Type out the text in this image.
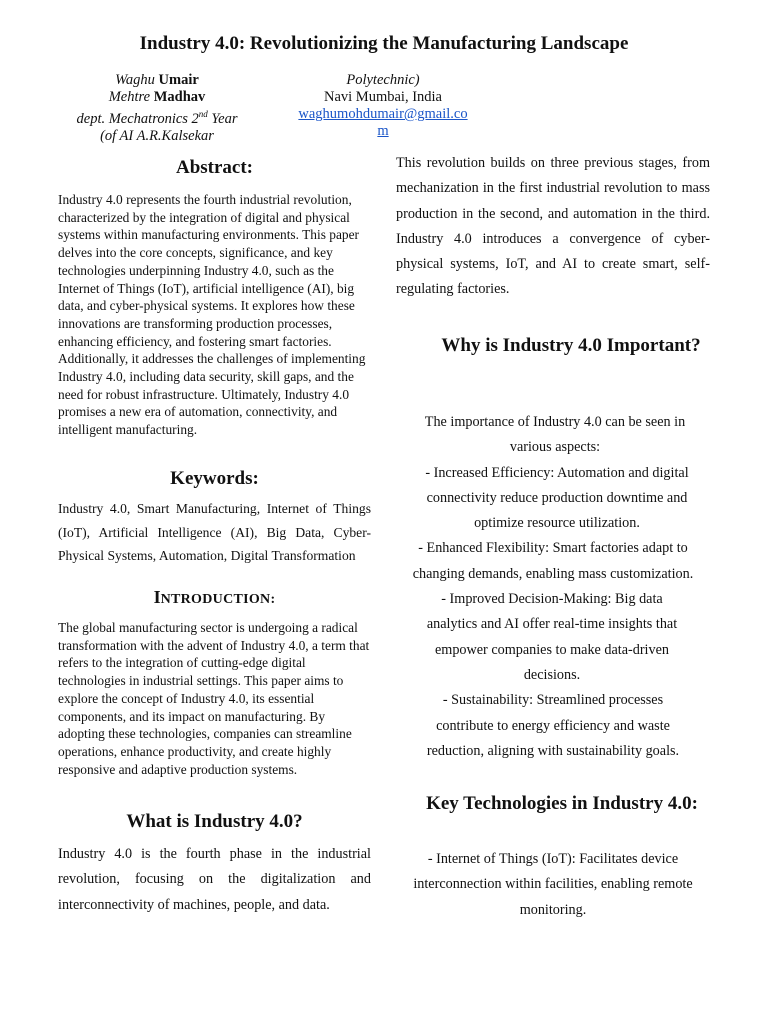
Industry 4.0: Revolutionizing the Manufacturing Landscape
Waghu Umair
Mehtre Madhav
dept. Mechatronics 2nd Year
(of AI A.R.Kalsekar
Polytechnic)
Navi Mumbai, India
waghumohdumair@gmail.co
m
Abstract:

Industry 4.0 represents the fourth industrial revolution, characterized by the integration of digital and physical systems within manufacturing environments. This paper delves into the core concepts, significance, and key technologies underpinning Industry 4.0, such as the Internet of Things (IoT), artificial intelligence (AI), big data, and cyber-physical systems. It explores how these innovations are transforming production processes, enhancing efficiency, and fostering smart factories. Additionally, it addresses the challenges of implementing Industry 4.0, including data security, skill gaps, and the need for robust infrastructure. Ultimately, Industry 4.0 promises a new era of automation, connectivity, and intelligent manufacturing.

Keywords:

Industry 4.0, Smart Manufacturing, Internet of Things (IoT), Artificial Intelligence (AI), Big Data, Cyber-Physical Systems, Automation, Digital Transformation

INTRODUCTION:

The global manufacturing sector is undergoing a radical transformation with the advent of Industry 4.0, a term that refers to the integration of cutting-edge digital technologies in industrial settings. This paper aims to explore the concept of Industry 4.0, its essential components, and its impact on manufacturing. By adopting these technologies, companies can streamline operations, enhance productivity, and create highly responsive and adaptive production systems.

What is Industry 4.0?

Industry 4.0 is the fourth phase in the industrial revolution, focusing on the digitalization and interconnectivity of machines, people, and data.

This revolution builds on three previous stages, from mechanization in the first industrial revolution to mass production in the second, and automation in the third. Industry 4.0 introduces a convergence of cyber-physical systems, IoT, and AI to create smart, self-regulating factories.

Why is Industry 4.0 Important?

The importance of Industry 4.0 can be seen in various aspects:

- Increased Efficiency: Automation and digital connectivity reduce production downtime and optimize resource utilization.

- Enhanced Flexibility: Smart factories adapt to changing demands, enabling mass customization.

- Improved Decision-Making: Big data analytics and AI offer real-time insights that empower companies to make data-driven decisions.

- Sustainability: Streamlined processes contribute to energy efficiency and waste reduction, aligning with sustainability goals.

Key Technologies in Industry 4.0:

- Internet of Things (IoT): Facilitates device interconnection within facilities, enabling remote monitoring.
